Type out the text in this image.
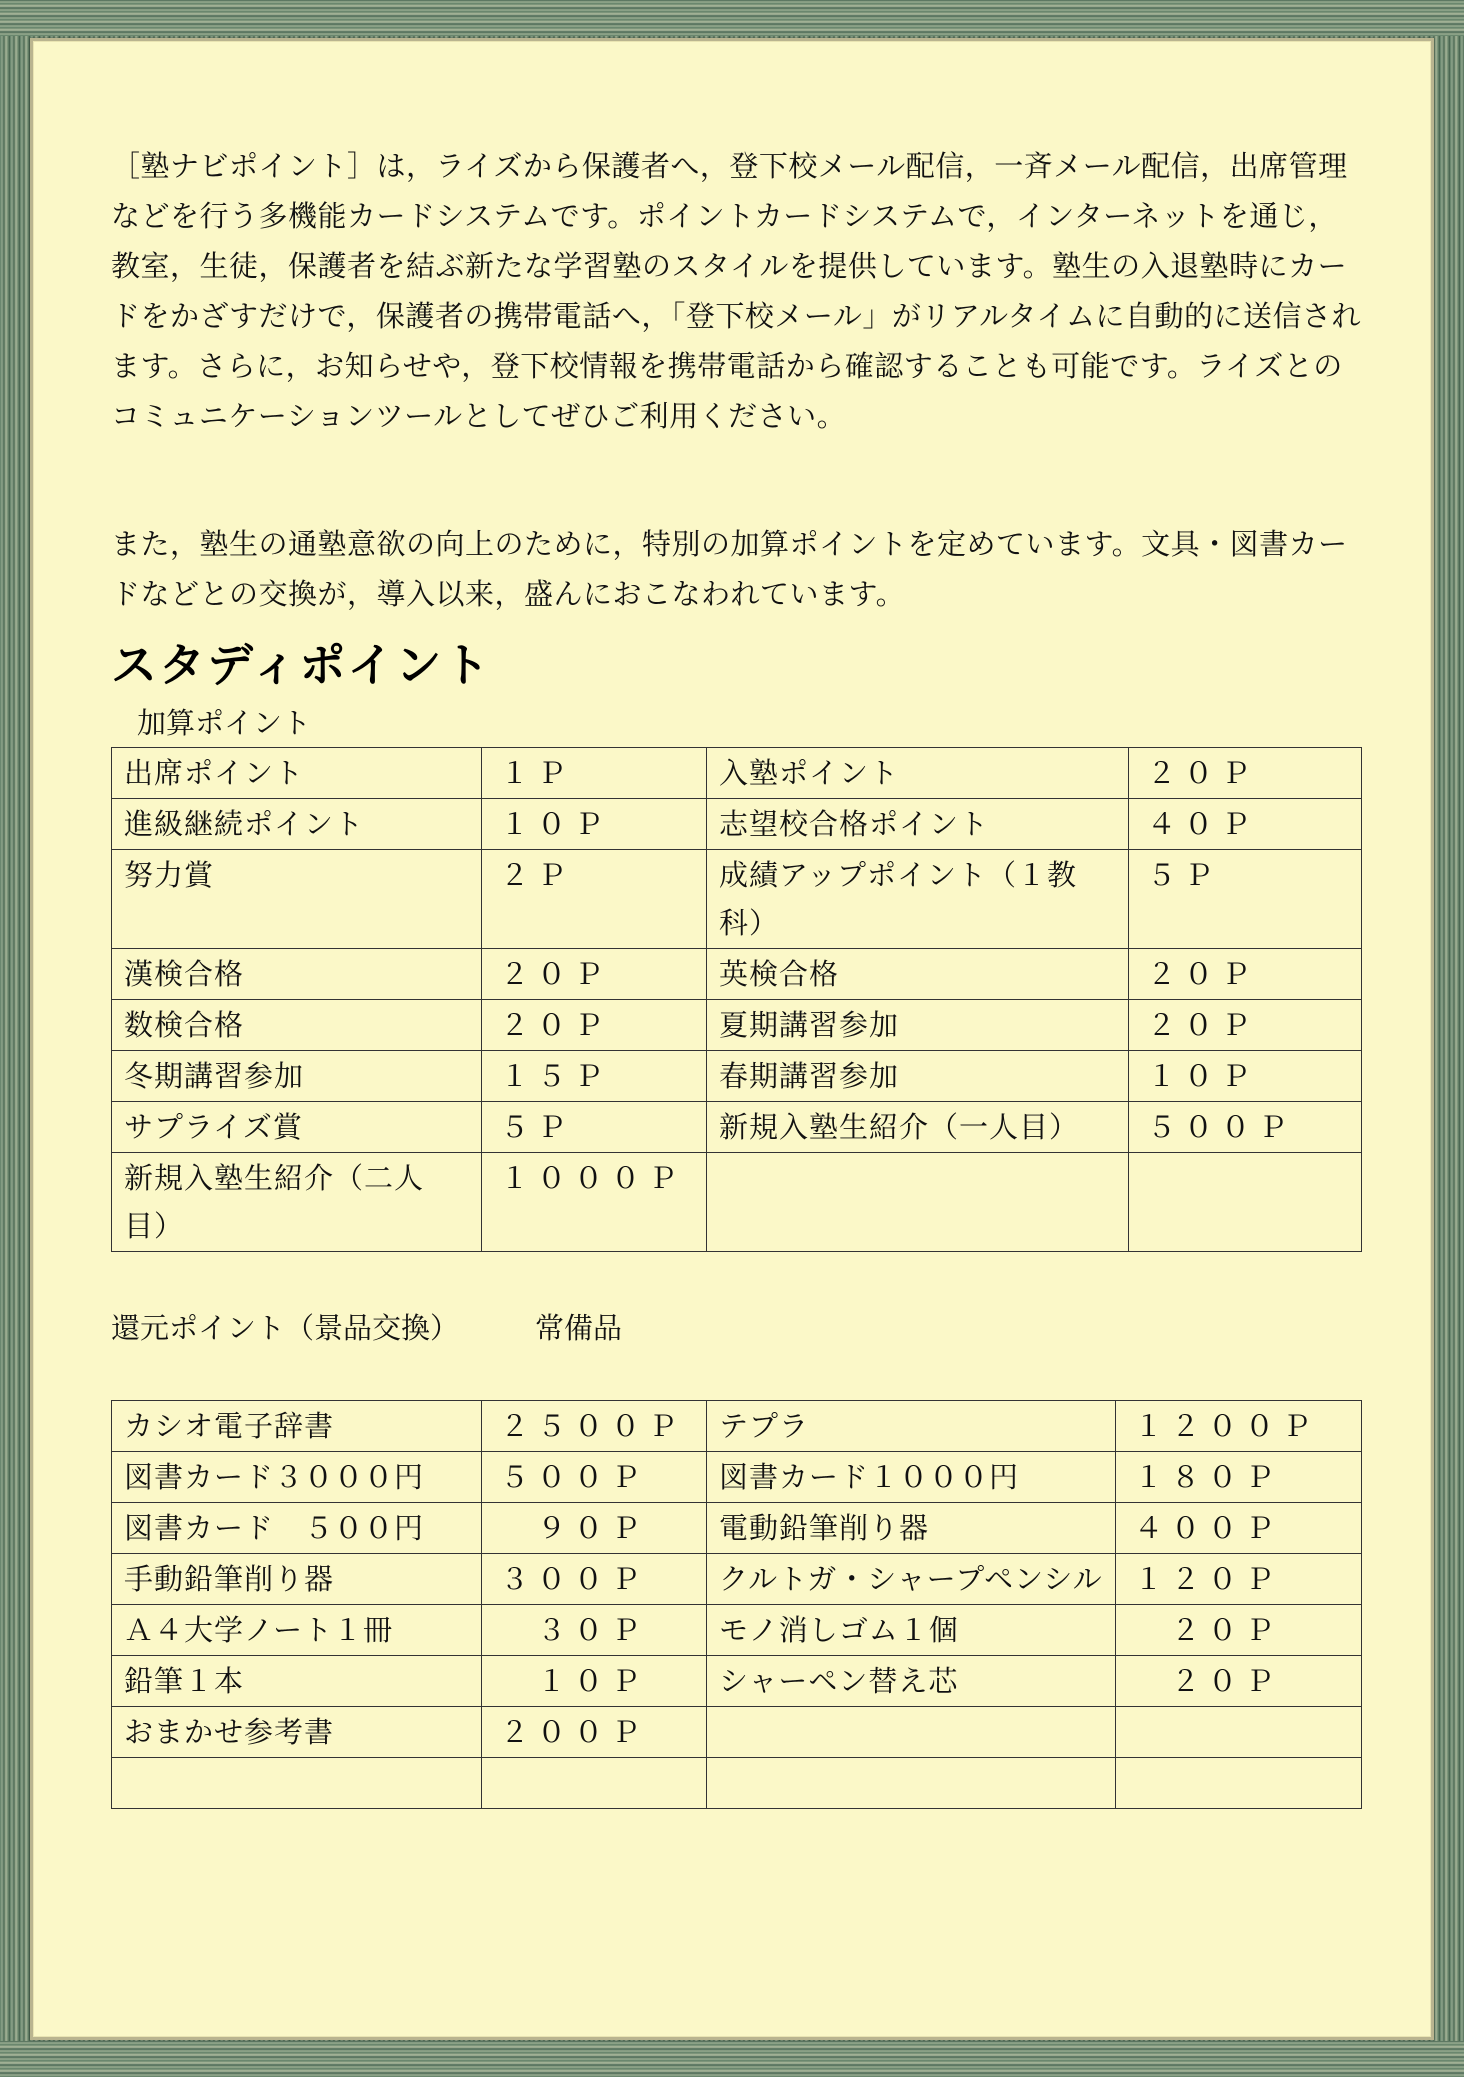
［塾ナビポイント］は，ライズから保護者へ，登下校メール配信，一斉メール配信，出席管理などを行う多機能カードシステムです。ポイントカードシステムで，インターネットを通じ，教室，生徒，保護者を結ぶ新たな学習塾のスタイルを提供しています。塾生の入退塾時にカードをかざすだけで，保護者の携帯電話へ，「登下校メール」がリアルタイムに自動的に送信されます。さらに，お知らせや，登下校情報を携帯電話から確認することも可能です。ライズとのコミュニケーションツールとしてぜひご利用ください。

また，塾生の通塾意欲の向上のために，特別の加算ポイントを定めています。文具・図書カードなどとの交換が，導入以来，盛んにおこなわれています。

スタディポイント
加算ポイント
出席ポイント	１Ｐ	入塾ポイント	２０Ｐ
進級継続ポイント	１０Ｐ	志望校合格ポイント	４０Ｐ
努力賞	２Ｐ	成績アップポイント（１教科）	５Ｐ
漢検合格	２０Ｐ	英検合格	２０Ｐ
数検合格	２０Ｐ	夏期講習参加	２０Ｐ
冬期講習参加	１５Ｐ	春期講習参加	１０Ｐ
サプライズ賞	５Ｐ	新規入塾生紹介（一人目）	５００Ｐ
新規入塾生紹介（二人目）	１０００Ｐ		
還元ポイント（景品交換）	常備品
カシオ電子辞書	２５００Ｐ	テプラ	１２００Ｐ
図書カード３０００円	５００Ｐ	図書カード１０００円	１８０Ｐ
図書カード　５００円	　９０Ｐ	電動鉛筆削り器	４００Ｐ
手動鉛筆削り器	３００Ｐ	クルトガ・シャープペンシル	１２０Ｐ
Ａ４大学ノート１冊	　３０Ｐ	モノ消しゴム１個	　２０Ｐ
鉛筆１本	　１０Ｐ	シャーペン替え芯	　２０Ｐ
おまかせ参考書	２００Ｐ		
